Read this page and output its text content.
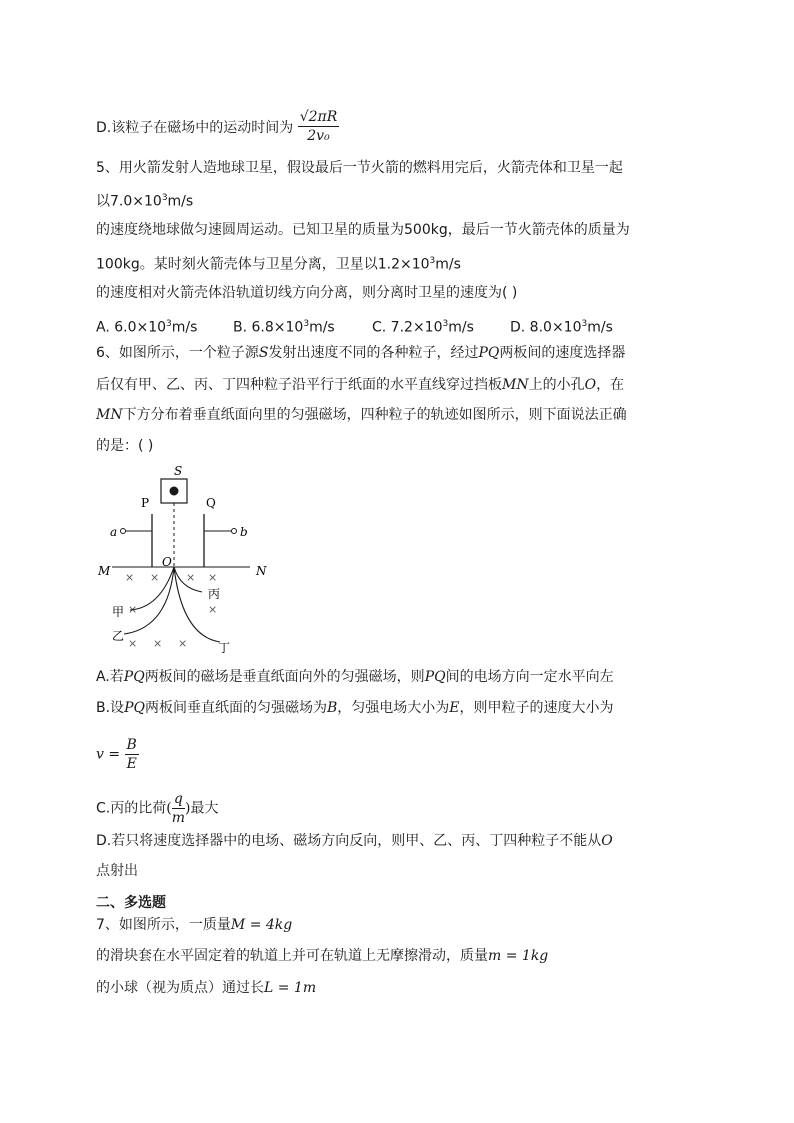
D.该粒子在磁场中的运动时间为 $\frac{√2\pi R}{\text{2v₀}}$
5、用火箭发射人造地球卫星，假设最后一节火箭的燃料用完后，火箭壳体和卫星一起
以$7.0\times 10^3m/s$
的速度绕地球做匀速圆周运动。已知卫星的质量为500kg，最后一节火箭壳体的质量为
100kg。某时刻火箭壳体与卫星分离，卫星以$1.2\times 10^3m/s$
的速度相对火箭壳体沿轨道切线方向分离，则分离时卫星的速度为( )
A. $6.0\times 10^3m/s$	B. $6.8\times 10^3m/s$	C. $7.2\times 10^3m/s$	D. $8.0\times 10^3m/s$
6、如图所示，一个粒子源S发射出速度不同的各种粒子，经过PQ两板间的速度选择器
后仅有甲、乙、丙、丁四种粒子沿平行于纸面的水平直线穿过挡板MN上的小孔O，在
MN下方分布着垂直纸面向里的匀强磁场，四种粒子的轨迹如图所示，则下面说法正确
的是：( )
S
P	Q
a	b
M	N
O
× × × ×
×	×
× × ×
丙
甲
乙
丁
A.若PQ两板间的磁场是垂直纸面向外的匀强磁场，则PQ间的电场方向一定水平向左
B.设PQ两板间垂直纸面的匀强磁场为B，匀强电场大小为E，则甲粒子的速度大小为
$v = \frac{B}{E}$
C.丙的比荷( $\frac{q}{m}$ )最大
D.若只将速度选择器中的电场、磁场方向反向，则甲、乙、丙、丁四种粒子不能从O
点射出
二、多选题
7、如图所示，一质量M = 4kg
的滑块套在水平固定着的轨道上并可在轨道上无摩擦滑动，质量m = 1kg
的小球（视为质点）通过长L = 1m
